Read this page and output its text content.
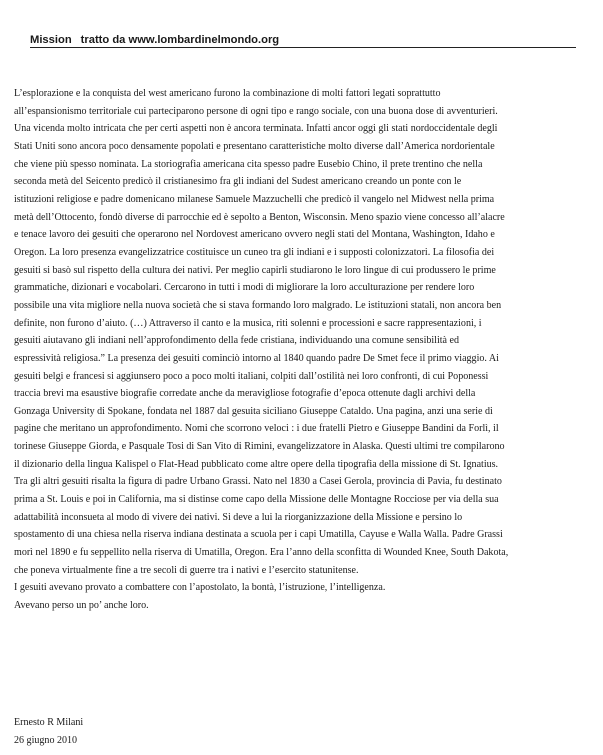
Mission tratto da www.lombardinelmondo.org

L’esplorazione e la conquista del west americano furono la combinazione di molti fattori legati soprattutto

all’espansionismo territoriale cui parteciparono persone di ogni tipo e rango sociale, con una buona dose di avventurieri.

Una vicenda molto intricata che per certi aspetti non è ancora terminata. Infatti ancor oggi gli stati nordoccidentale degli

Stati Uniti sono ancora poco densamente popolati e presentano caratteristiche molto diverse dall’America nordorientale

che viene più spesso nominata. La storiografia americana cita spesso padre Eusebio Chino, il prete trentino che nella

seconda metà del Seicento predicò il cristianesimo fra gli indiani del Sudest americano creando un ponte con le

istituzioni religiose e padre domenicano milanese Samuele Mazzuchelli che predicò il vangelo nel Midwest nella prima

metà dell’Ottocento, fondò diverse di parrocchie ed è sepolto a Benton, Wisconsin. Meno spazio viene concesso all’alacre

e tenace lavoro dei gesuiti che operarono nel Nordovest americano ovvero negli stati del Montana, Washington, Idaho e

Oregon. La loro presenza evangelizzatrice costituisce un cuneo tra gli indiani e i supposti colonizzatori. La filosofia dei

gesuiti si basò sul rispetto della cultura dei nativi. Per meglio capirli studiarono le loro lingue di cui produssero le prime

grammatiche, dizionari e vocabolari. Cercarono in tutti i modi di migliorare la loro acculturazione per rendere loro

possibile una vita migliore nella nuova società che si stava formando loro malgrado. Le istituzioni statali, non ancora ben

definite, non furono d’aiuto. (…) Attraverso il canto e la musica, riti solenni e processioni e sacre rappresentazioni, i

gesuiti aiutavano gli indiani nell’approfondimento della fede cristiana, individuando una comune sensibilità ed

espressività religiosa.” La presenza dei gesuiti cominciò intorno al 1840 quando padre De Smet fece il primo viaggio. Ai

gesuiti belgi e francesi si aggiunsero poco a poco molti italiani, colpiti dall’ostilità nei loro confronti, di cui Poponessi

traccia brevi ma esaustive biografie corredate anche da meravigliose fotografie d’epoca ottenute dagli archivi della

Gonzaga University di Spokane, fondata nel 1887 dal gesuita siciliano Giuseppe Cataldo. Una pagina, anzi una serie di

pagine che meritano un approfondimento. Nomi che scorrono veloci : i due fratelli Pietro e Giuseppe Bandini da Forlì, il

torinese Giuseppe Giorda, e Pasquale Tosi di San Vito di Rimini, evangelizzatore in Alaska. Questi ultimi tre compilarono

il dizionario della lingua Kalispel o Flat-Head pubblicato come altre opere della tipografia della missione di St. Ignatius.

Tra gli altri gesuiti risalta la figura di padre Urbano Grassi. Nato nel 1830 a Casei Gerola, provincia di Pavia, fu destinato

prima a St. Louis e poi in California, ma si distinse come capo della Missione delle Montagne Rocciose per via della sua

adattabilità inconsueta al modo di vivere dei nativi. Si deve a lui la riorganizzazione della Missione e persino lo

spostamento di una chiesa nella riserva indiana destinata a scuola per i capi Umatilla, Cayuse e Walla Walla. Padre Grassi

morì nel 1890 e fu seppellito nella riserva di Umatilla, Oregon. Era l’anno della sconfitta di Wounded Knee, South Dakota,

che poneva virtualmente fine a tre secoli di guerre tra i nativi e l’esercito statunitense.

I gesuiti avevano provato a combattere con l’apostolato, la bontà, l’istruzione, l’intelligenza.

Avevano perso un po’ anche loro.

Ernesto R Milani
26 giugno 2010
